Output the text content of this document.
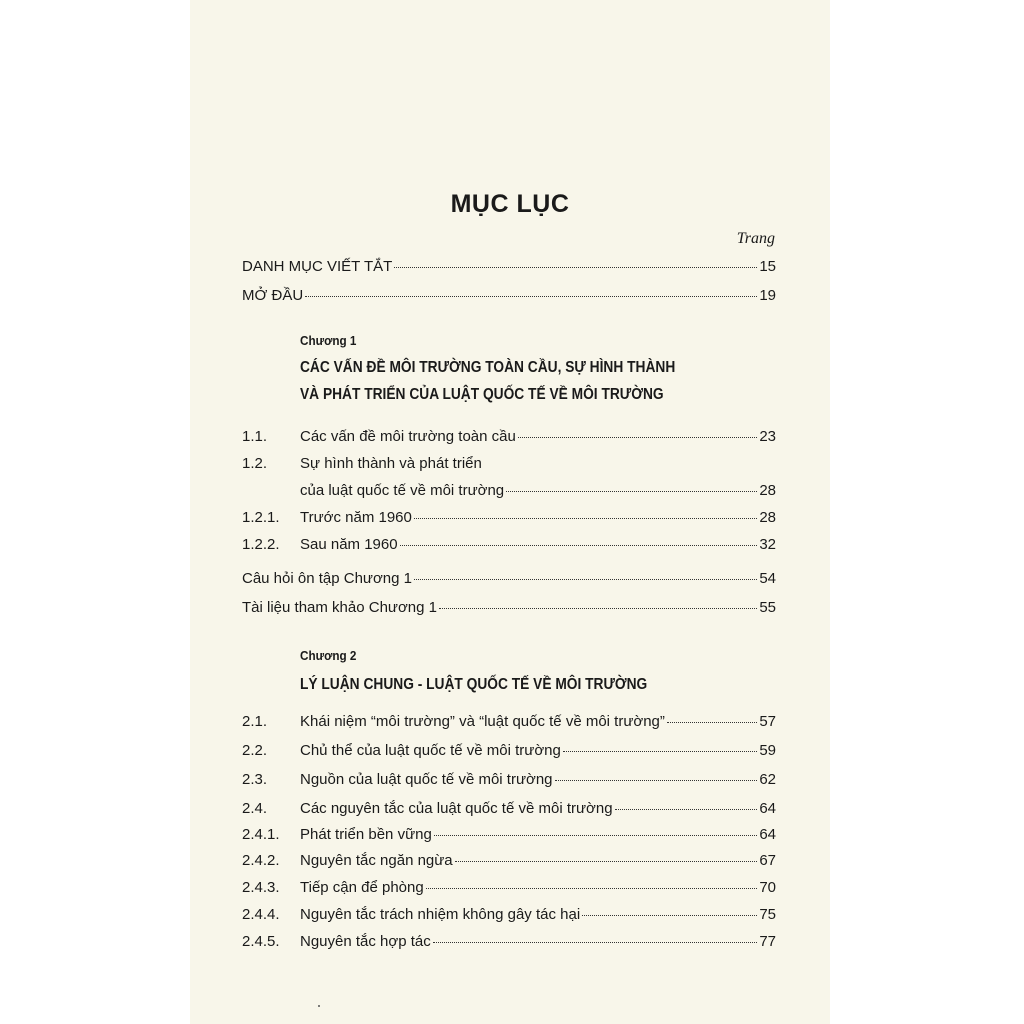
MỤC LỤC
Trang
DANH MỤC VIẾT TẮT	15
MỞ ĐẦU	19
Chương 1
CÁC VẤN ĐỀ MÔI TRƯỜNG TOÀN CẦU, SỰ HÌNH THÀNH
VÀ PHÁT TRIỂN CỦA LUẬT QUỐC TẾ VỀ MÔI TRƯỜNG
1.1.	Các vấn đề môi trường toàn cầu	23
1.2.	Sự hình thành và phát triển
của luật quốc tế về môi trường	28
1.2.1.	Trước năm 1960	28
1.2.2.	Sau năm 1960	32
Câu hỏi ôn tập Chương 1	54
Tài liệu tham khảo Chương 1	55
Chương 2
LÝ LUẬN CHUNG - LUẬT QUỐC TẾ VỀ MÔI TRƯỜNG
2.1.	Khái niệm “môi trường” và “luật quốc tế về môi trường”	57
2.2.	Chủ thể của luật quốc tế về môi trường	59
2.3.	Nguồn của luật quốc tế về môi trường	62
2.4.	Các nguyên tắc của luật quốc tế về môi trường	64
2.4.1.	Phát triển bền vững	64
2.4.2.	Nguyên tắc ngăn ngừa	67
2.4.3.	Tiếp cận để phòng	70
2.4.4.	Nguyên tắc trách nhiệm không gây tác hại	75
2.4.5.	Nguyên tắc hợp tác	77
